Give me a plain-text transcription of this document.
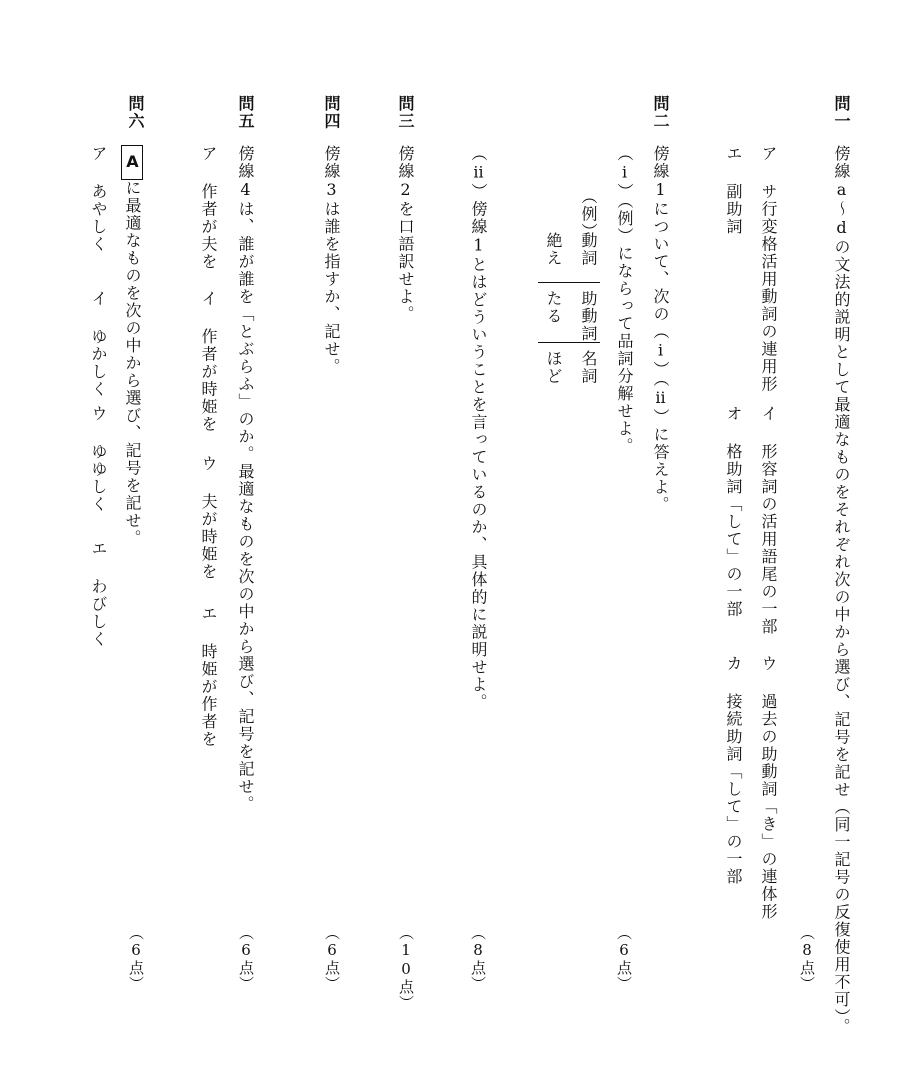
問一
傍線a～dの文法的説明として最適なものをそれぞれ次の中から選び、記号を記せ（同一記号の反復使用不可）。
（8点）
ア サ行変格活用動詞の連用形
イ 形容詞の活用語尾の一部
ウ 過去の助動詞「き」の連体形
エ 副助詞
オ 格助詞「して」の一部
カ 接続助詞「して」の一部
問二
傍線1について、次の（ⅰ）（ⅱ）に答えよ。
（ⅰ）（例）にならって品詞分解せよ。
（6点）
（例）
動詞
助動詞
名詞
絶え
たる
ほど
（ⅱ）傍線1とはどういうことを言っているのか、具体的に説明せよ。
（8点）
問三
傍線2を口語訳せよ。
（10点）
問四
傍線3は誰を指すか、記せ。
（6点）
問五
傍線4は、誰が誰を「とぶらふ」のか。最適なものを次の中から選び、記号を記せ。
（6点）
ア 作者が夫を
イ 作者が時姫を
ウ 夫が時姫を
エ 時姫が作者を
問六
Aに最適なものを次の中から選び、記号を記せ。
（6点）
ア あやしく
イ ゆかしく
ウ ゆゆしく
エ わびしく
